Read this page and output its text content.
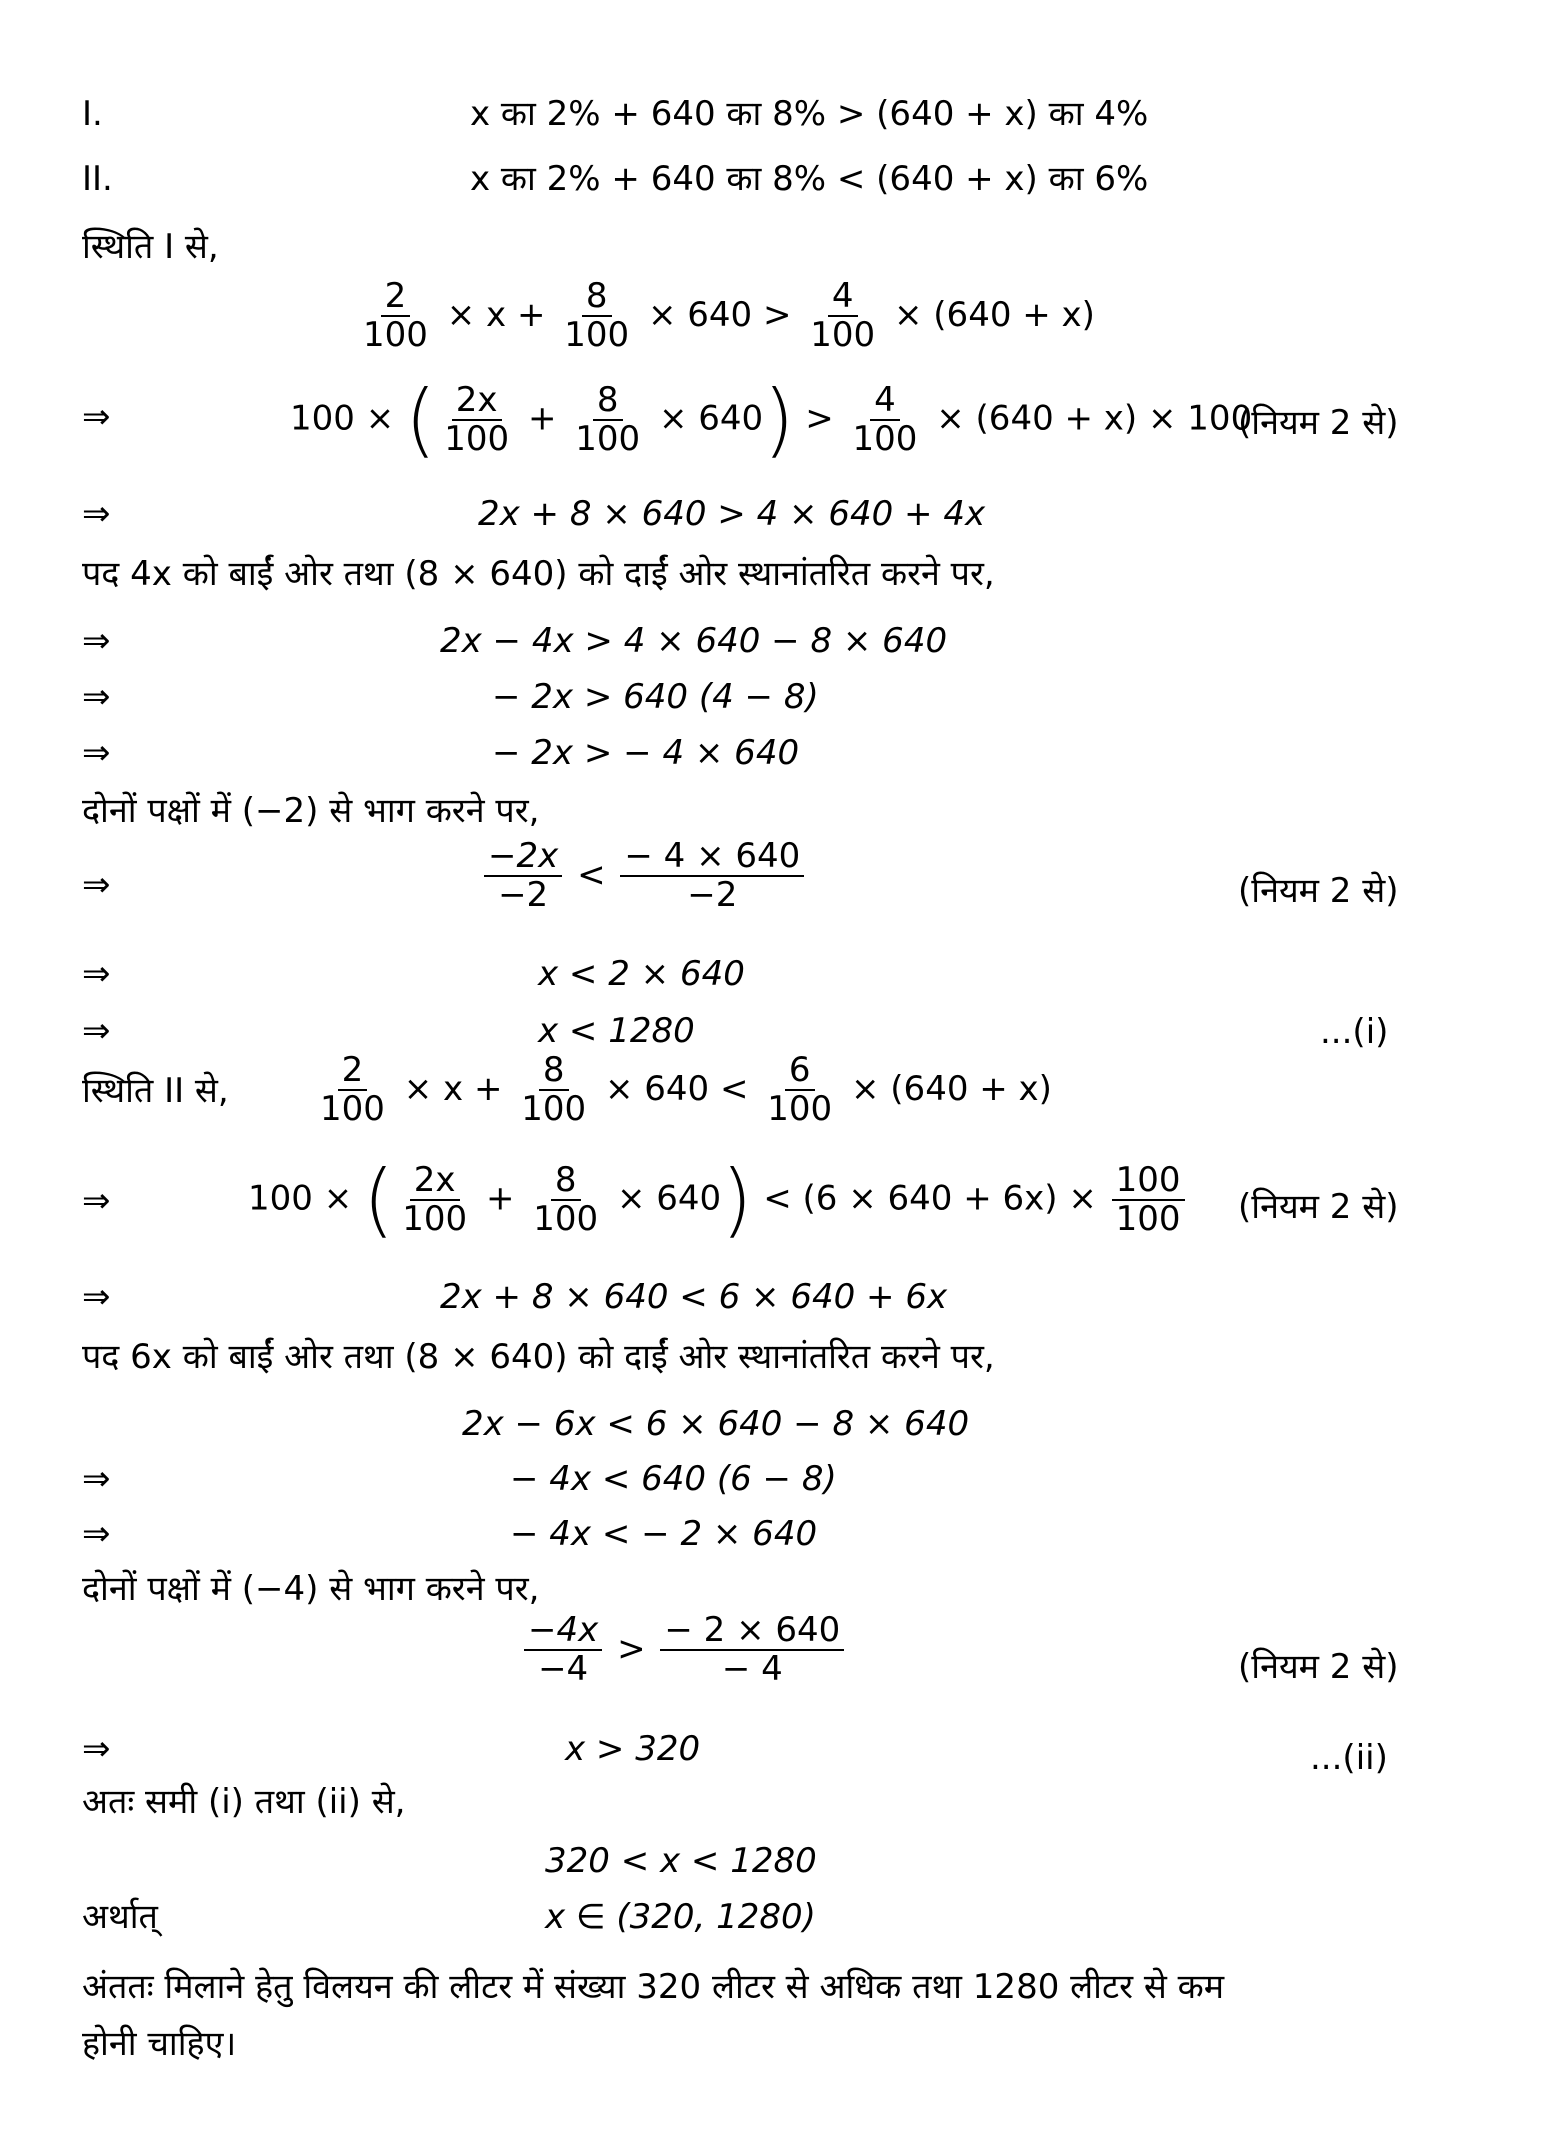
I.	x का 2% + 640 का 8% > (640 + x) का 4%
II.	x का 2% + 640 का 8% < (640 + x) का 6%
स्थिति I से,
$\frac{2}{100} \times x + \frac{8}{100} \times 640 > \frac{4}{100} \times (640 + x)$
⇒	100 × ( $\frac{2x}{100} + \frac{8}{100} \times 640) > \frac{4}{100} \times (640 + x) \times 100$
(नियम 2 से)
⇒	2x + 8 × 640 > 4 × 640 + 4x
पद 4x को बाईं ओर तथा (8 × 640) को दाईं ओर स्थानांतरित करने पर,
⇒	2x − 4x > 4 × 640 − 8 × 640
⇒	− 2x > 640 (4 − 8)
⇒	− 2x > − 4 × 640
दोनों पक्षों में (−2) से भाग करने पर,
⇒	$\frac{-2x}{-2} < \frac{- 4 \times 640}{-2}$	(नियम 2 से)
⇒	x < 2 × 640
⇒	x < 1280	...(i)
स्थिति II से,	$\frac{2}{100} \times x + \frac{8}{100} \times 640 < \frac{6}{100} \times (640 + x)$
⇒	100 × ( $\frac{2x}{100} + \frac{8}{100} \times 640) < (6 \times 640 + 6x) \times \frac{100}{100}$ (नियम 2 से)
⇒	2x + 8 × 640 < 6 × 640 + 6x
पद 6x को बाईं ओर तथा (8 × 640) को दाईं ओर स्थानांतरित करने पर,
2x − 6x < 6 × 640 − 8 × 640
⇒	− 4x < 640 (6 − 8)
⇒	− 4x < − 2 × 640
दोनों पक्षों में (−4) से भाग करने पर,
$\frac{-4x}{-4} > \frac{- 2 \times 640}{- 4}$	(नियम 2 से)
⇒	x > 320	...(ii)
अतः समी (i) तथा (ii) से,
320 < x < 1280
अर्थात्	x ∈ (320, 1280)
अंततः मिलाने हेतु विलयन की लीटर में संख्या 320 लीटर से अधिक तथा 1280 लीटर से कम
होनी चाहिए।
